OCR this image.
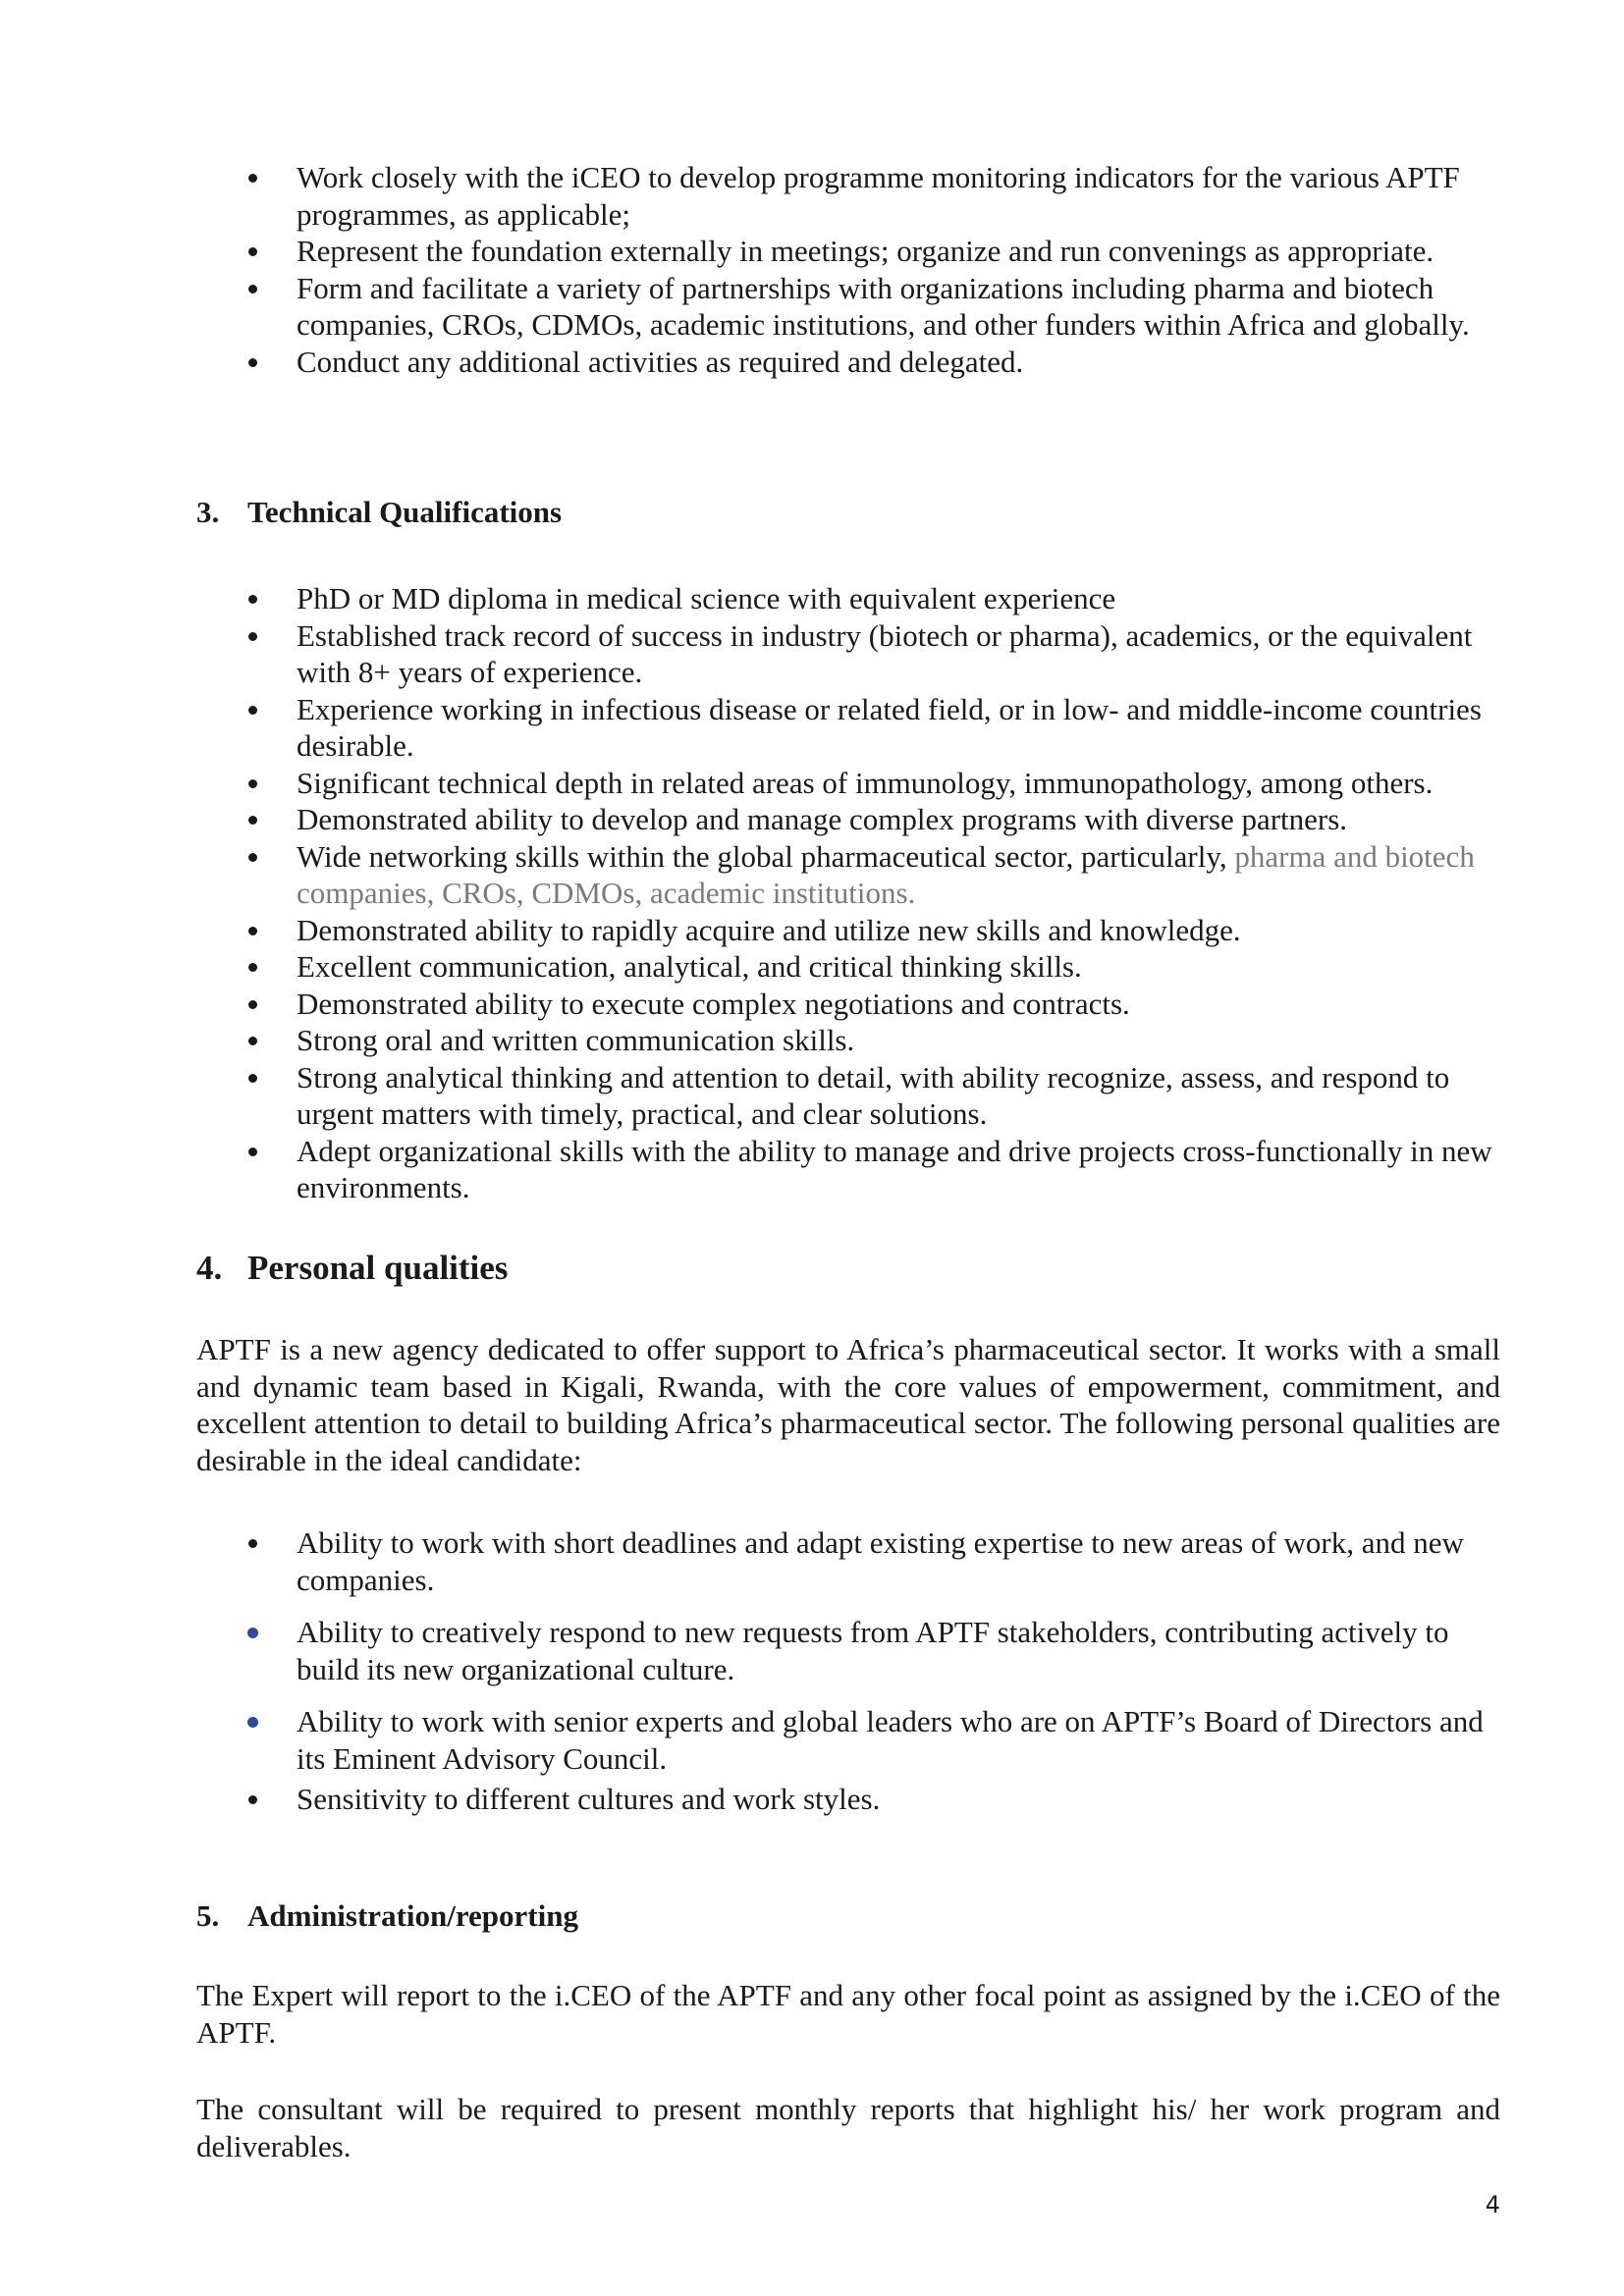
Work closely with the iCEO to develop programme monitoring indicators for the various APTF programmes, as applicable;
Represent the foundation externally in meetings; organize and run convenings as appropriate.
Form and facilitate a variety of partnerships with organizations including pharma and biotech companies, CROs, CDMOs, academic institutions, and other funders within Africa and globally.
Conduct any additional activities as required and delegated.
3. Technical Qualifications
PhD or MD diploma in medical science with equivalent experience
Established track record of success in industry (biotech or pharma), academics, or the equivalent with 8+ years of experience.
Experience working in infectious disease or related field, or in low- and middle-income countries desirable.
Significant technical depth in related areas of immunology, immunopathology, among others.
Demonstrated ability to develop and manage complex programs with diverse partners.
Wide networking skills within the global pharmaceutical sector, particularly, pharma and biotech companies, CROs, CDMOs, academic institutions.
Demonstrated ability to rapidly acquire and utilize new skills and knowledge.
Excellent communication, analytical, and critical thinking skills.
Demonstrated ability to execute complex negotiations and contracts.
Strong oral and written communication skills.
Strong analytical thinking and attention to detail, with ability recognize, assess, and respond to urgent matters with timely, practical, and clear solutions.
Adept organizational skills with the ability to manage and drive projects cross-functionally in new environments.
4. Personal qualities

APTF is a new agency dedicated to offer support to Africa’s pharmaceutical sector. It works with a small and dynamic team based in Kigali, Rwanda, with the core values of empowerment, commitment, and excellent attention to detail to building Africa’s pharmaceutical sector. The following personal qualities are desirable in the ideal candidate:

Ability to work with short deadlines and adapt existing expertise to new areas of work, and new companies.
Ability to creatively respond to new requests from APTF stakeholders, contributing actively to build its new organizational culture.
Ability to work with senior experts and global leaders who are on APTF’s Board of Directors and its Eminent Advisory Council.
Sensitivity to different cultures and work styles.
5. Administration/reporting

The Expert will report to the i.CEO of the APTF and any other focal point as assigned by the i.CEO of the APTF.

The consultant will be required to present monthly reports that highlight his/ her work program and deliverables.

4
